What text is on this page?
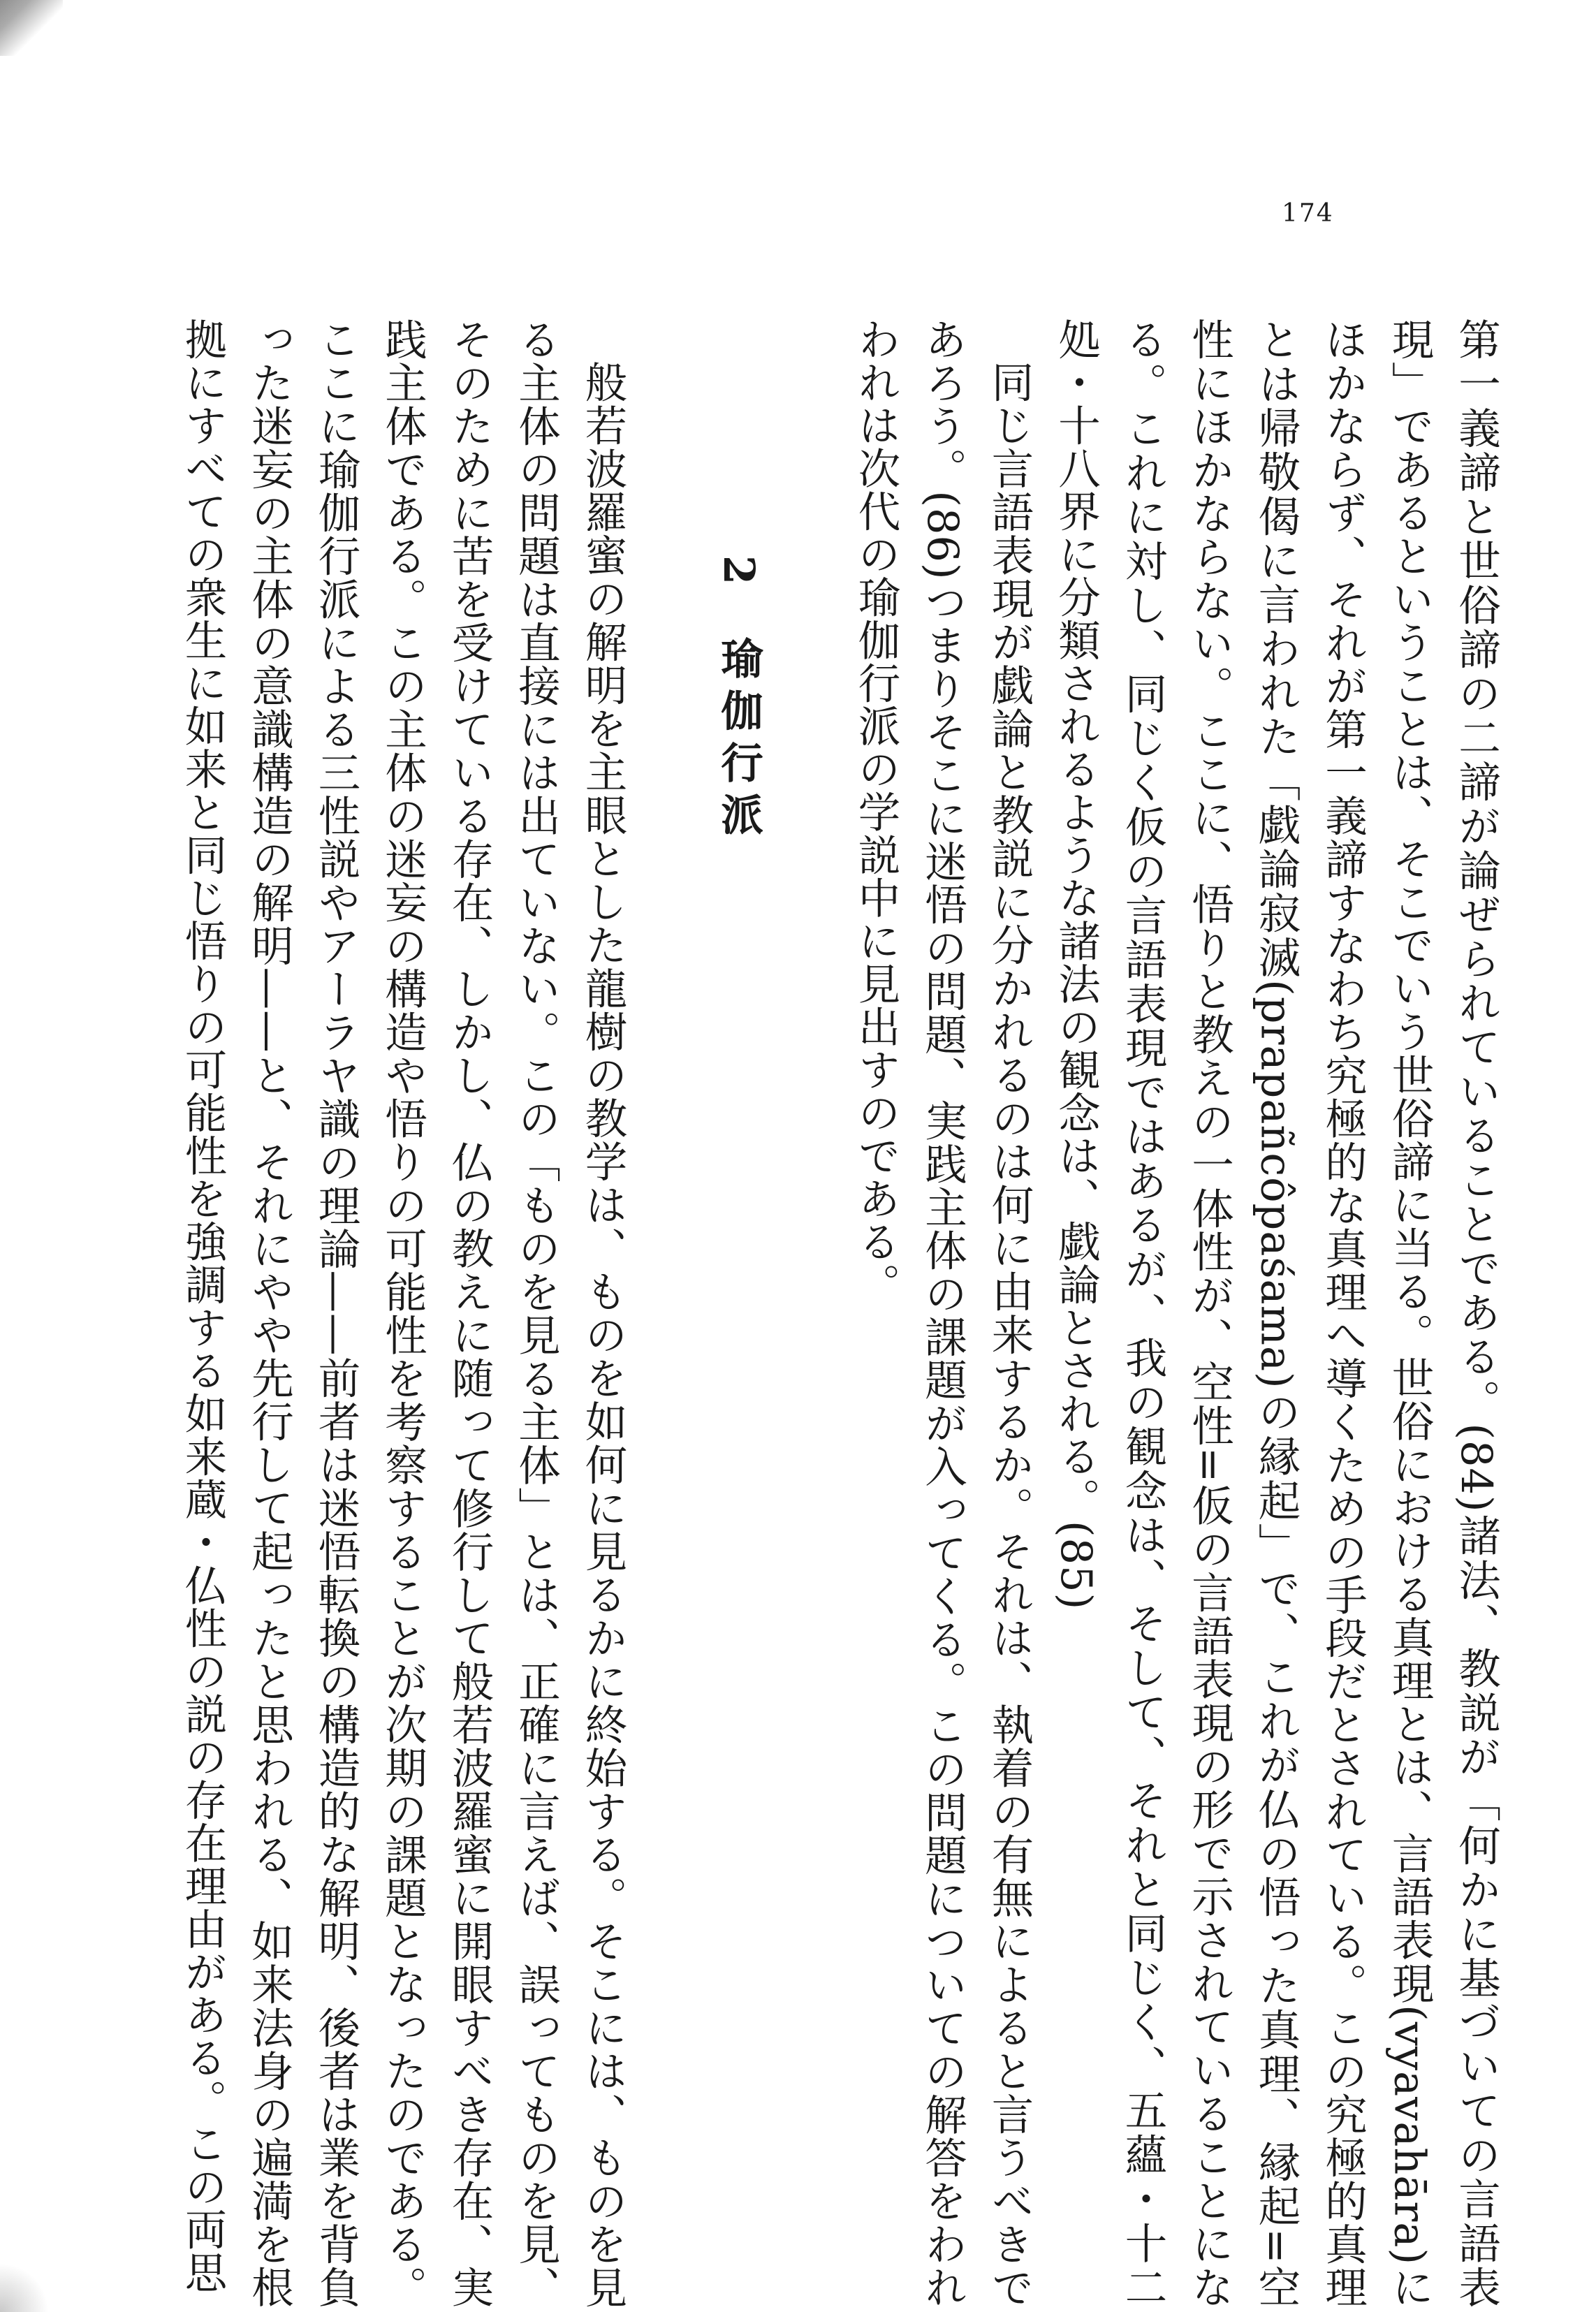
174

第一義諦と世俗諦の二諦が論ぜられていることである。(84)諸法、教説が「何かに基づいての言語表現」であるということは、そこでいう世俗諦に当る。世俗における真理とは、言語表現(vyavahāra)にほかならず、それが第一義諦すなわち究極的な真理へ導くための手段だとされている。この究極的真理とは帰敬偈に言われた「戯論寂滅(prapañcôpaśama)の縁起」で、これが仏の悟った真理、縁起=空性にほかならない。ここに、悟りと教えの一体性が、空性=仮の言語表現の形で示されていることになる。これに対し、同じく仮の言語表現ではあるが、我の観念は、そして、それと同じく、五蘊・十二処・十八界に分類されるような諸法の観念は、戯論とされる。(85)

同じ言語表現が戯論と教説に分かれるのは何に由来するか。それは、執着の有無によると言うべきであろう。(86)つまりそこに迷悟の問題、実践主体の課題が入ってくる。この問題についての解答をわれわれは次代の瑜伽行派の学説中に見出すのである。

2瑜伽行派

般若波羅蜜の解明を主眼とした龍樹の教学は、ものを如何に見るかに終始する。そこには、ものを見る主体の問題は直接には出ていない。この「ものを見る主体」とは、正確に言えば、誤ってものを見、そのために苦を受けている存在、しかし、仏の教えに随って修行して般若波羅蜜に開眼すべき存在、実践主体である。この主体の迷妄の構造や悟りの可能性を考察することが次期の課題となったのである。ここに瑜伽行派による三性説やアーラヤ識の理論——前者は迷悟転換の構造的な解明、後者は業を背負った迷妄の主体の意識構造の解明——と、それにやや先行して起ったと思われる、如来法身の遍満を根拠にすべての衆生に如来と同じ悟りの可能性を強調する如来蔵・仏性の説の存在理由がある。この両思
